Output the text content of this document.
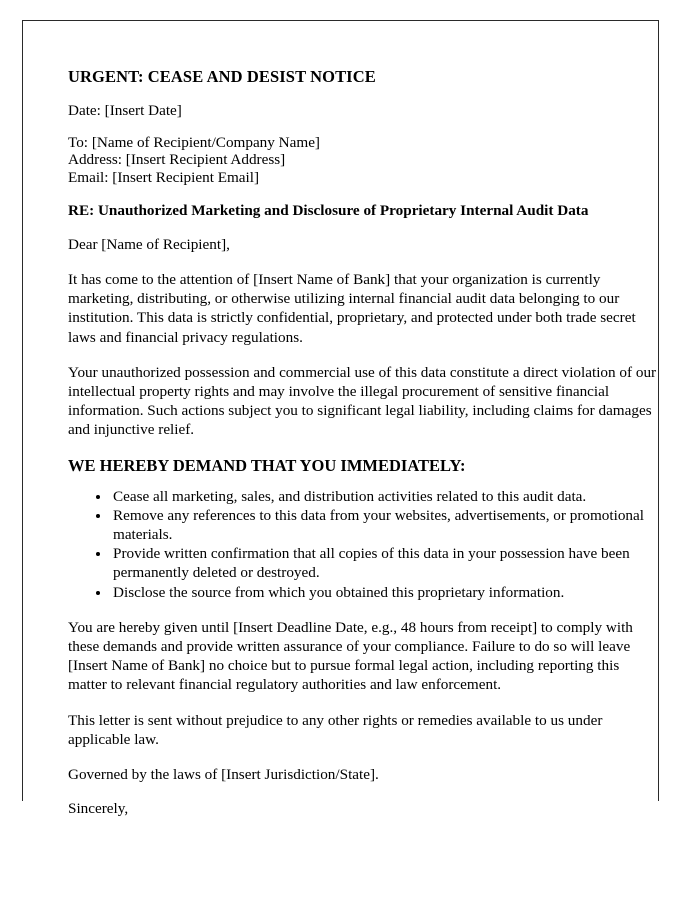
URGENT: CEASE AND DESIST NOTICE

Date: [Insert Date]

To: [Name of Recipient/Company Name]

Address: [Insert Recipient Address]

Email: [Insert Recipient Email]

RE: Unauthorized Marketing and Disclosure of Proprietary Internal Audit Data

Dear [Name of Recipient],

It has come to the attention of [Insert Name of Bank] that your organization is currently marketing, distributing, or otherwise utilizing internal financial audit data belonging to our institution. This data is strictly confidential, proprietary, and protected under both trade secret laws and financial privacy regulations.

Your unauthorized possession and commercial use of this data constitute a direct violation of our intellectual property rights and may involve the illegal procurement of sensitive financial information. Such actions subject you to significant legal liability, including claims for damages and injunctive relief.

WE HEREBY DEMAND THAT YOU IMMEDIATELY:
• Cease all marketing, sales, and distribution activities related to this audit data.
• Remove any references to this data from your websites, advertisements, or promotional materials.
• Provide written confirmation that all copies of this data in your possession have been permanently deleted or destroyed.
• Disclose the source from which you obtained this proprietary information.

You are hereby given until [Insert Deadline Date, e.g., 48 hours from receipt] to comply with these demands and provide written assurance of your compliance. Failure to do so will leave [Insert Name of Bank] no choice but to pursue formal legal action, including reporting this matter to relevant financial regulatory authorities and law enforcement.

This letter is sent without prejudice to any other rights or remedies available to us under applicable law.

Governed by the laws of [Insert Jurisdiction/State].

Sincerely,
